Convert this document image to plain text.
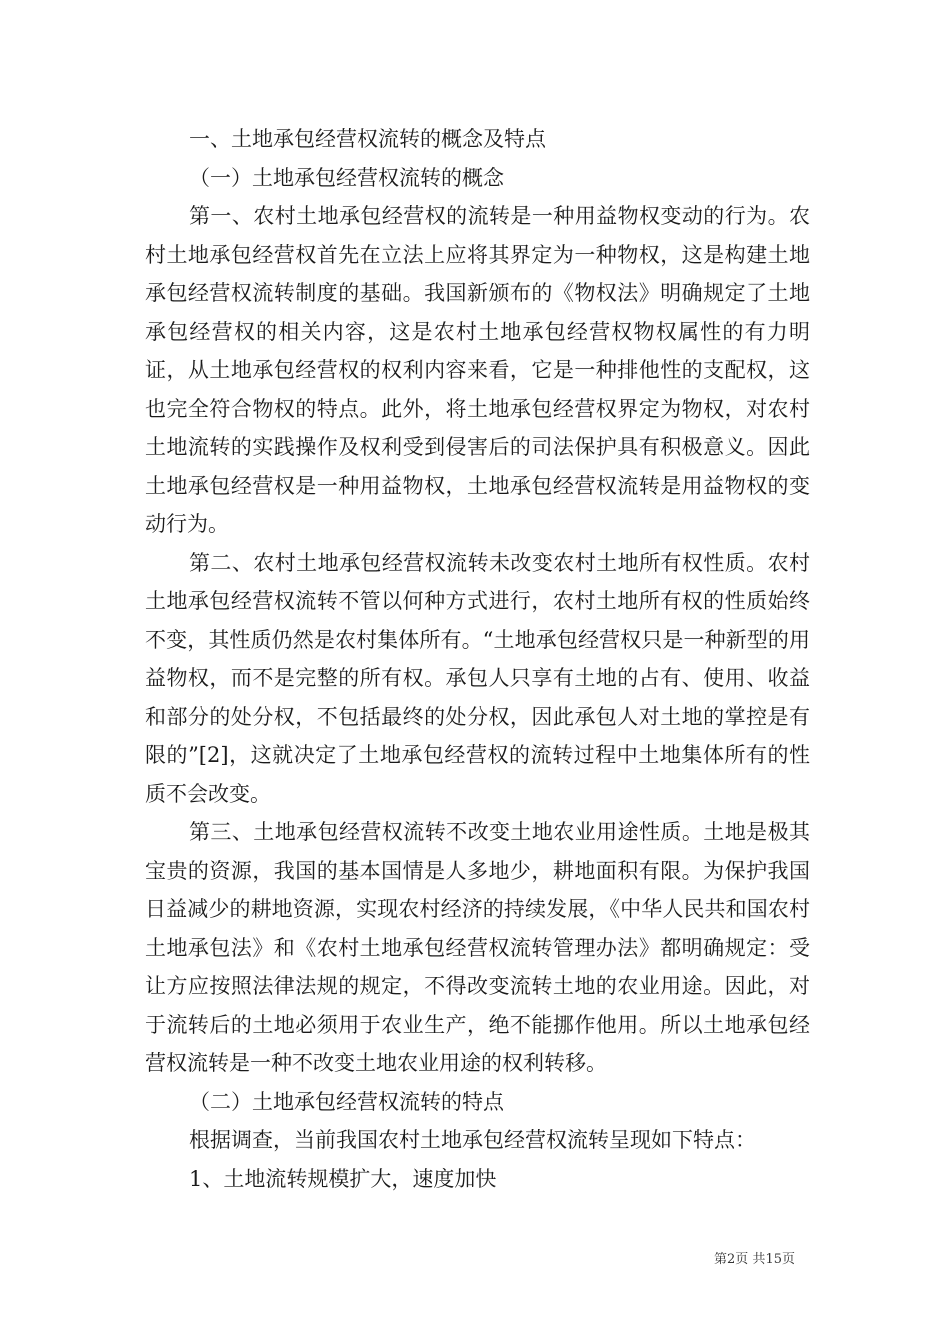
一、土地承包经营权流转的概念及特点

（一）土地承包经营权流转的概念

第一、农村土地承包经营权的流转是一种用益物权变动的行为。农村土地承包经营权首先在立法上应将其界定为一种物权，这是构建土地承包经营权流转制度的基础。我国新颁布的《物权法》明确规定了土地承包经营权的相关内容，这是农村土地承包经营权物权属性的有力明证，从土地承包经营权的权利内容来看，它是一种排他性的支配权，这也完全符合物权的特点。此外，将土地承包经营权界定为物权，对农村土地流转的实践操作及权利受到侵害后的司法保护具有积极意义。因此土地承包经营权是一种用益物权，土地承包经营权流转是用益物权的变动行为。

第二、农村土地承包经营权流转未改变农村土地所有权性质。农村土地承包经营权流转不管以何种方式进行，农村土地所有权的性质始终不变，其性质仍然是农村集体所有。“土地承包经营权只是一种新型的用益物权，而不是完整的所有权。承包人只享有土地的占有、使用、收益和部分的处分权，不包括最终的处分权，因此承包人对土地的掌控是有限的”[2]，这就决定了土地承包经营权的流转过程中土地集体所有的性质不会改变。

第三、土地承包经营权流转不改变土地农业用途性质。土地是极其宝贵的资源，我国的基本国情是人多地少，耕地面积有限。为保护我国日益减少的耕地资源，实现农村经济的持续发展，《中华人民共和国农村土地承包法》和《农村土地承包经营权流转管理办法》都明确规定：受让方应按照法律法规的规定，不得改变流转土地的农业用途。因此，对于流转后的土地必须用于农业生产，绝不能挪作他用。所以土地承包经营权流转是一种不改变土地农业用途的权利转移。

（二）土地承包经营权流转的特点

根据调查，当前我国农村土地承包经营权流转呈现如下特点：

1、土地流转规模扩大，速度加快

第2页 共15页
